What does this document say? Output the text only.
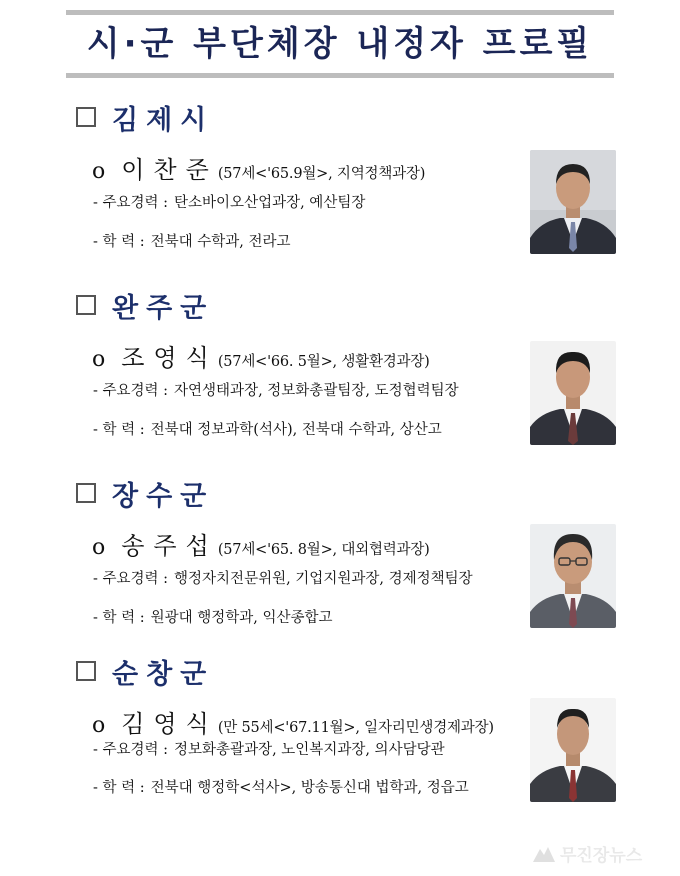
시·군 부단체장 내정자 프로필
김제시
o 이찬준 (57세<'65.9월>, 지역정책과장)
- 주요경력 : 탄소바이오산업과장, 예산팀장
- 학 력 : 전북대 수학과, 전라고
완주군
o 조영식 (57세<'66. 5월>, 생활환경과장)
- 주요경력 : 자연생태과장, 정보화총괄팀장, 도정협력팀장
- 학 력 : 전북대 정보과학(석사), 전북대 수학과, 상산고
장수군
o 송주섭 (57세<'65. 8월>, 대외협력과장)
- 주요경력 : 행정자치전문위원, 기업지원과장, 경제정책팀장
- 학 력 : 원광대 행정학과, 익산종합고
순창군
o 김영식 (만 55세<'67.11월>, 일자리민생경제과장)
- 주요경력 : 정보화총괄과장, 노인복지과장, 의사담당관
- 학 력 : 전북대 행정학<석사>, 방송통신대 법학과, 정읍고
무진장뉴스
